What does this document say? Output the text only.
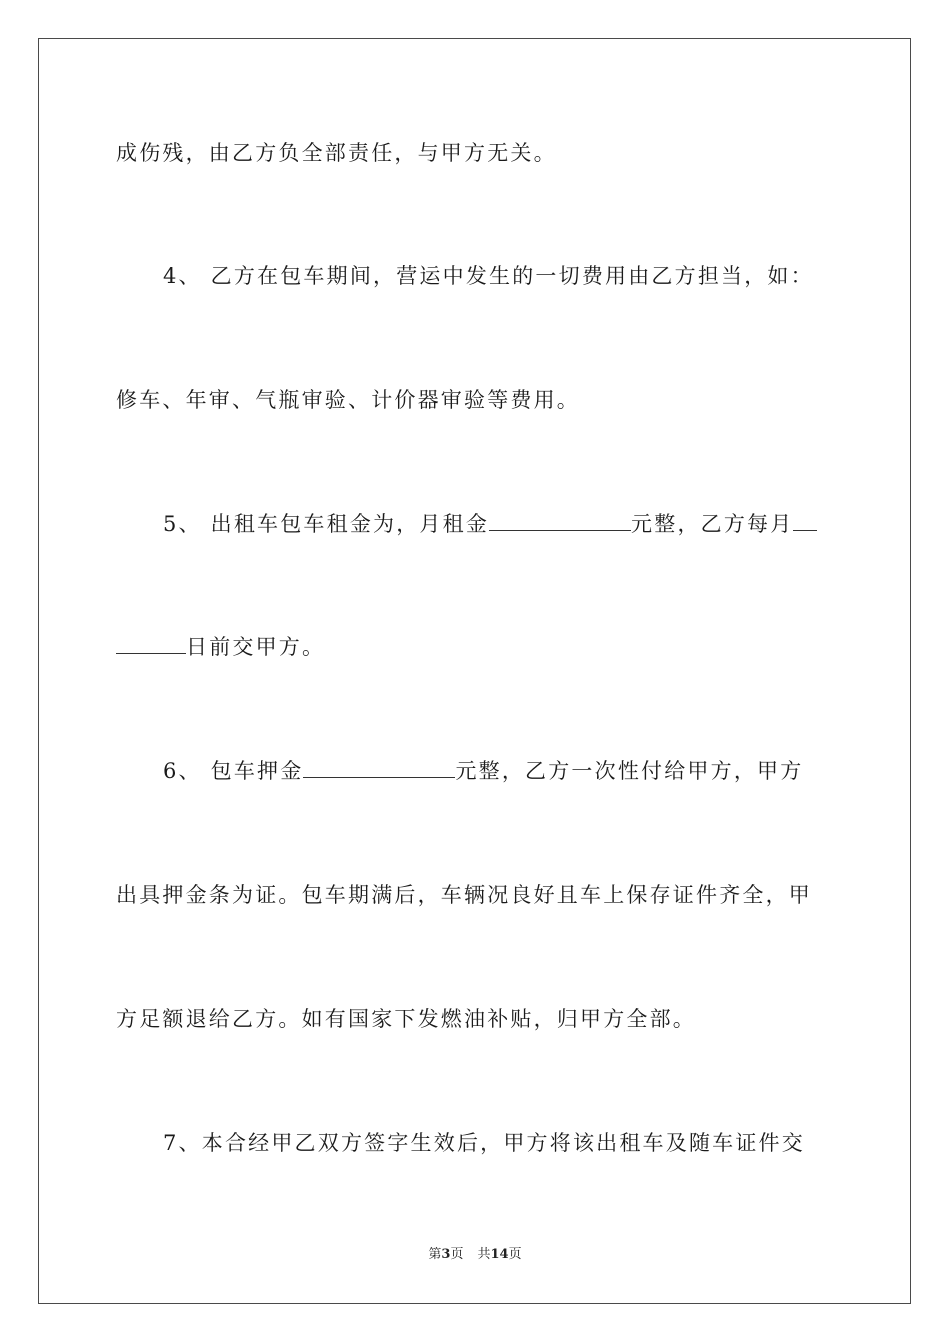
成伤残，由乙方负全部责任，与甲方无关。
4、 乙方在包车期间，营运中发生的一切费用由乙方担当，如：
修车、年审、气瓶审验、计价器审验等费用。
5、 出租车包车租金为，月租金	元整，乙方每月
日前交甲方。
6、 包车押金	元整，乙方一次性付给甲方，甲方
出具押金条为证。包车期满后，车辆况良好且车上保存证件齐全，甲
方足额退给乙方。如有国家下发燃油补贴，归甲方全部。
7、本合经甲乙双方签字生效后，甲方将该出租车及随车证件交
第3页 共14页
